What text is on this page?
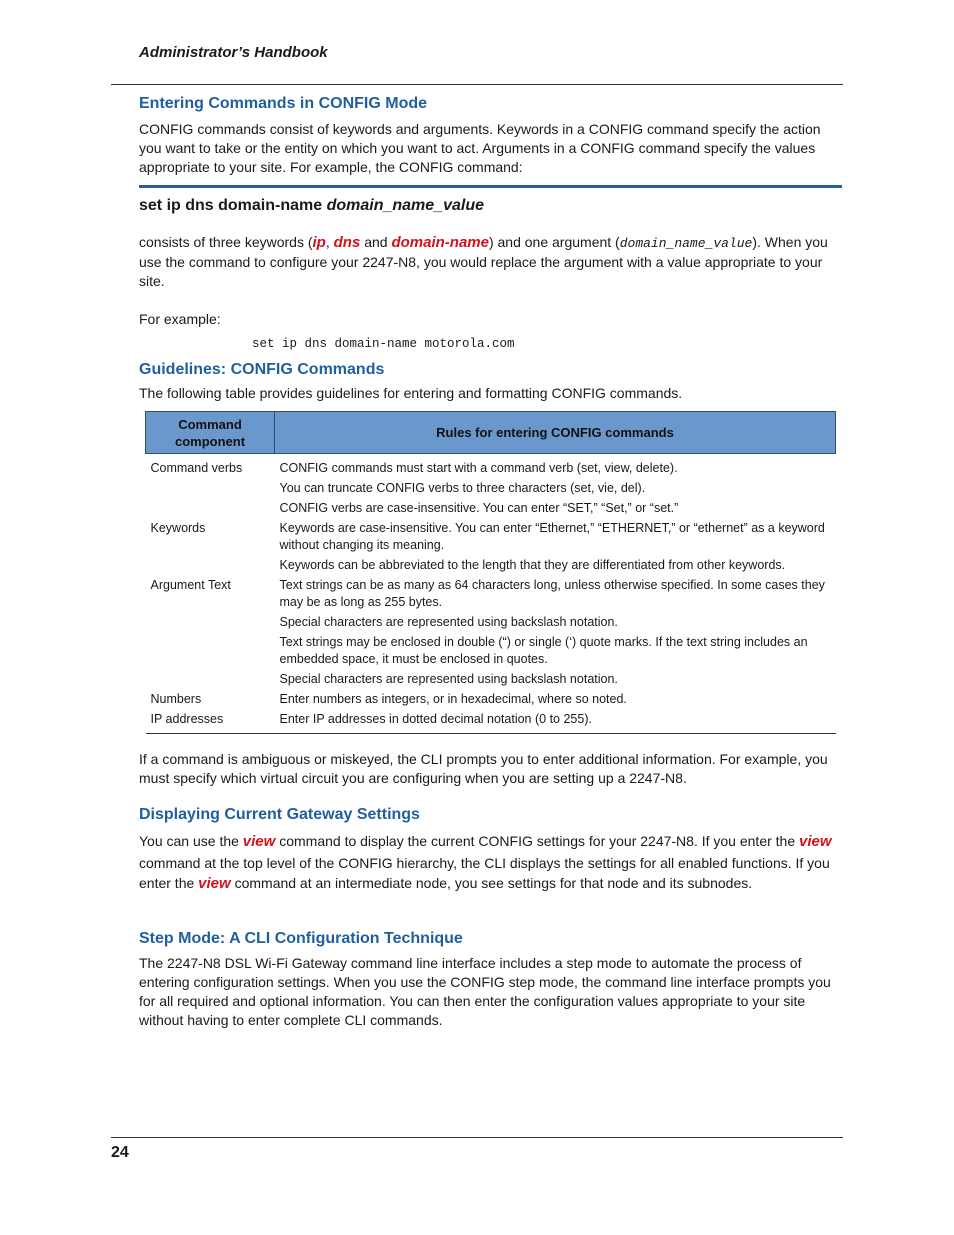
Administrator’s Handbook
Entering Commands in CONFIG Mode
CONFIG commands consist of keywords and arguments. Keywords in a CONFIG command specify the action you want to take or the entity on which you want to act. Arguments in a CONFIG command specify the values appropriate to your site. For example, the CONFIG command:
set ip dns domain-name domain_name_value
consists of three keywords (ip, dns and domain-name) and one argument (domain_name_value). When you use the command to configure your 2247-N8, you would replace the argument with a value appropriate to your site.
For example:
set ip dns domain-name motorola.com
Guidelines: CONFIG Commands
The following table provides guidelines for entering and formatting CONFIG commands.
Command component	Rules for entering CONFIG commands
Command verbs	CONFIG commands must start with a command verb (set, view, delete).
	You can truncate CONFIG verbs to three characters (set, vie, del).
	CONFIG verbs are case-insensitive. You can enter “SET,” “Set,” or “set.”
Keywords	Keywords are case-insensitive. You can enter “Ethernet,” “ETHERNET,” or “ethernet” as a keyword without changing its meaning.
	Keywords can be abbreviated to the length that they are differentiated from other keywords.
Argument Text	Text strings can be as many as 64 characters long, unless otherwise specified. In some cases they may be as long as 255 bytes.
	Special characters are represented using backslash notation.
	Text strings may be enclosed in double (“) or single (‘) quote marks. If the text string includes an embedded space, it must be enclosed in quotes.
	Special characters are represented using backslash notation.
Numbers	Enter numbers as integers, or in hexadecimal, where so noted.
IP addresses	Enter IP addresses in dotted decimal notation (0 to 255).
If a command is ambiguous or miskeyed, the CLI prompts you to enter additional information. For example, you must specify which virtual circuit you are configuring when you are setting up a 2247-N8.
Displaying Current Gateway Settings
You can use the view command to display the current CONFIG settings for your 2247-N8. If you enter the view command at the top level of the CONFIG hierarchy, the CLI displays the settings for all enabled functions. If you enter the view command at an intermediate node, you see settings for that node and its subnodes.
Step Mode: A CLI Configuration Technique
The 2247-N8 DSL Wi-Fi Gateway command line interface includes a step mode to automate the process of entering configuration settings. When you use the CONFIG step mode, the command line interface prompts you for all required and optional information. You can then enter the configuration values appropriate to your site without having to enter complete CLI commands.
24
